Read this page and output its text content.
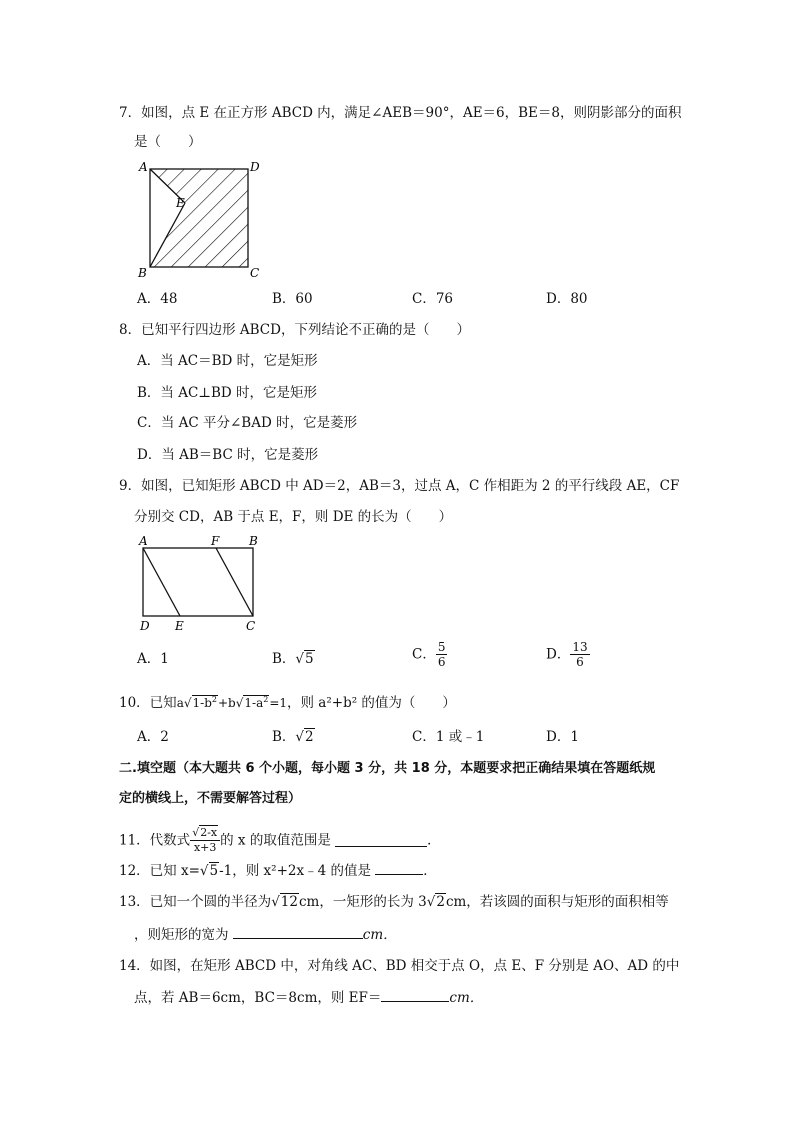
7．如图，点 E 在正方形 ABCD 内，满足∠AEB＝90°，AE＝6，BE＝8，则阴影部分的面积
是（　　）
A	D
E
B	C
A．48	B．60	C．76	D．80
8．已知平行四边形 ABCD，下列结论不正确的是（　　）
A．当 AC＝BD 时，它是矩形
B．当 AC⊥BD 时，它是矩形
C．当 AC 平分∠BAD 时，它是菱形
D．当 AB＝BC 时，它是菱形
9．如图，已知矩形 ABCD 中 AD＝2，AB＝3，过点 A，C 作相距为 2 的平行线段 AE，CF
分别交 CD，AB 于点 E，F，则 DE 的长为（　　）
A	F B
D E	C
A．1	B．√5	C． $\frac{5}{6}$	D． $\frac{13}{6}$
10．已知$a√1-b^2+b√1-a^2=1$，则 a²+b² 的值为（　　）
A．2	B．√2	C．1 或﹣1	D．1
二.填空题（本大题共 6 个小题，每小题 3 分，共 18 分，本题要求把正确结果填在答题纸规
定的横线上，不需要解答过程）
11．代数式 $\frac{√2-x}{x+3}$ 的 x 的取值范围是	．
12．已知 x=√5-1，则 x²+2x﹣4 的值是	．
13．已知一个圆的半径为√12cm，一矩形的长为 3√2cm，若该圆的面积与矩形的面积相等
，则矩形的宽为	cm．
14．如图，在矩形 ABCD 中，对角线 AC、BD 相交于点 O，点 E、F 分别是 AO、AD 的中
点，若 AB＝6cm，BC＝8cm，则 EF＝	cm．
